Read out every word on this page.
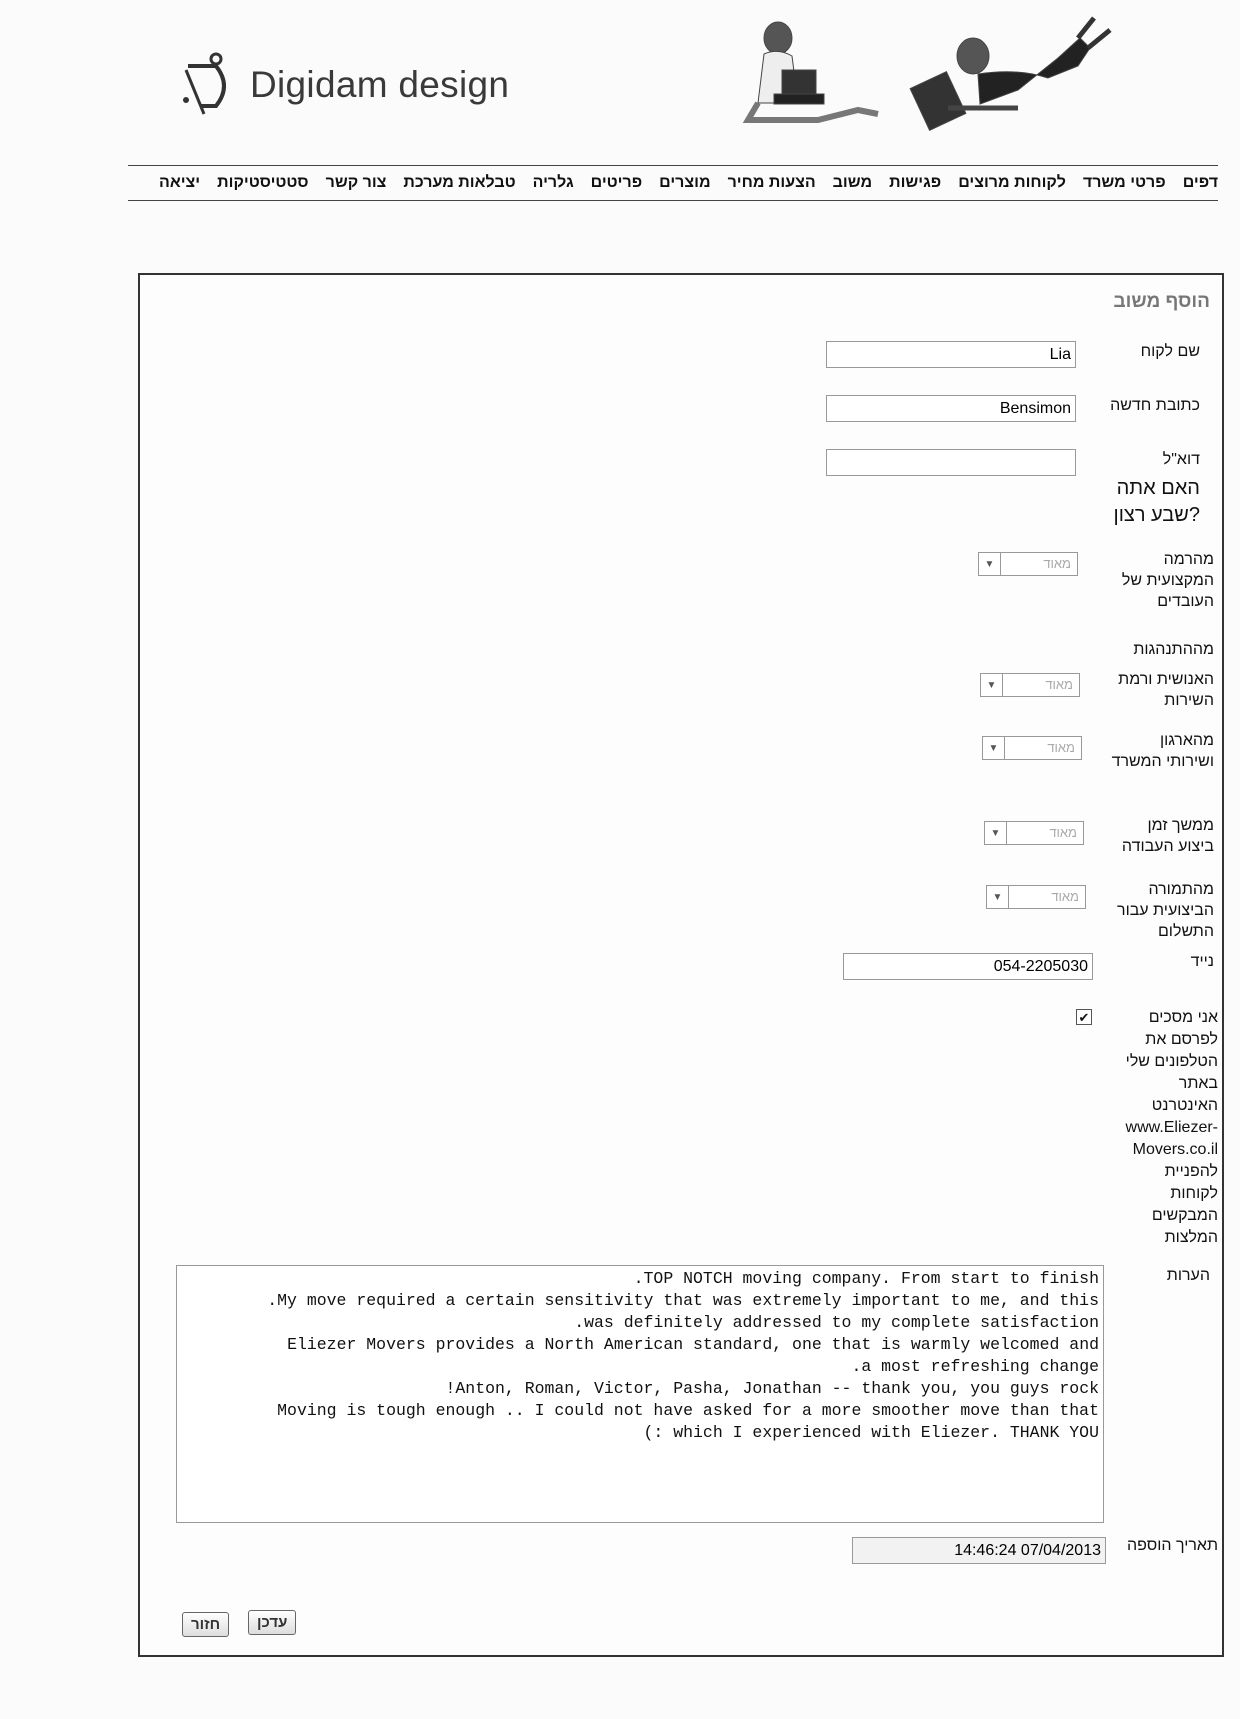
Digidam design
דפים
פרטי משרד
לקוחות מרוצים
פגישות
משוב
הצעות מחיר
מוצרים
פריטים
גלריה
טבלאות מערכת
צור קשר
סטטיסטיקות
יציאה
הוסף משוב
שם לקוח
Lia
כתובת חדשה
Bensimon
דוא"ל
האם אתה שבע רצון?
מהרמה המקצועית של העובדים
▼	מאוד
מההתנהגות
האנושית ורמת השירות
▼	מאוד
מהארגון ושירותי המשרד
▼	מאוד
ממשך זמן ביצוע העבודה
▼	מאוד
מהתמורה הביצועית עבור התשלום
▼	מאוד
נייד
054-2205030
✔	אני מסכים
לפרסם את
הטלפונים שלי
באתר
האינטרנט
www.Eliezer-
Movers.co.il
להפניית
לקוחות
המבקשים
המלצות
הערות

.TOP NOTCH moving company. From start to finish

.My move required a certain sensitivity that was extremely important to me, and this

.was definitely addressed to my complete satisfaction

Eliezer Movers provides a North American standard, one that is warmly welcomed and

.a most refreshing change

!Anton, Roman, Victor, Pasha, Jonathan -- thank you, you guys rock

Moving is tough enough .. I could not have asked for a more smoother move than that

(: which I experienced with Eliezer. THANK YOU

תאריך הוספה
14:46:24 07/04/2013
עדכן
חזור
